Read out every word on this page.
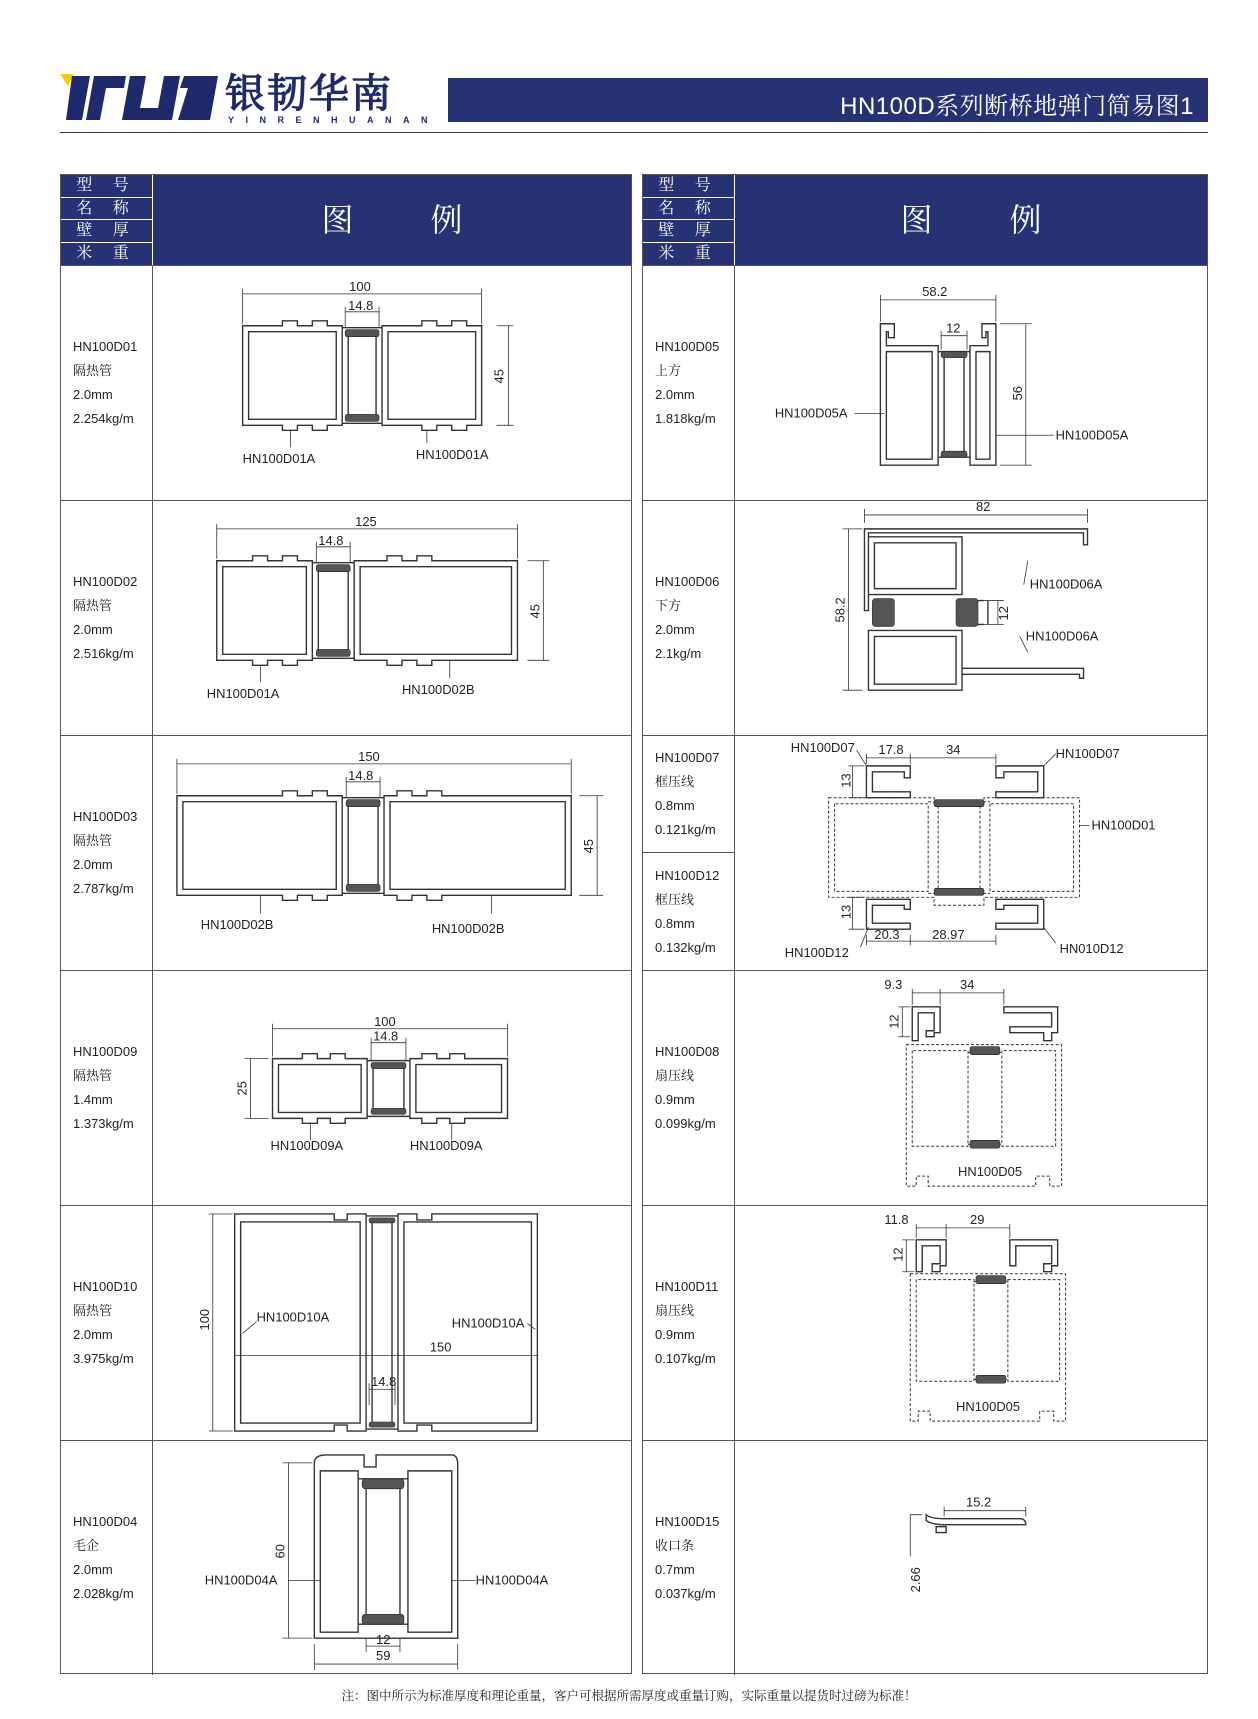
银韧华南
YINRENHUANAN	HN100D系列断桥地弹门简易图1
型 号
名 称
壁 厚
米 重
图 例
HN100D01
隔热管
2.0mm
2.254kg/m
100
14.8
45
HN100D01A	HN100D01A
HN100D02
隔热管
2.0mm
2.516kg/m
125
14.8
45
HN100D01A	HN100D02B
HN100D03
隔热管
2.0mm
2.787kg/m
150
14.8
45
HN100D02B	HN100D02B
HN100D09
隔热管
1.4mm
1.373kg/m
100
14.8
25
HN100D09A	HN100D09A
HN100D10
隔热管
2.0mm
3.975kg/m
100
150
14.8
HN100D10A	HN100D10A
HN100D04
毛企
2.0mm
2.028kg/m
60
12
59
HN100D04A	HN100D04A
型 号
名 称
壁 厚
米 重
图 例
HN100D05
上方
2.0mm
1.818kg/m
58.2
12
56
HN100D05A
HN100D05A
HN100D06
下方
2.0mm
2.1kg/m
82
58.2	12
HN100D06A
HN100D06A
HN100D07
框压线
0.8mm
0.121kg/m
HN100D12
框压线
0.8mm
0.132kg/m
17.8	34
13
13
20.3	28.97
HN100D07	HN100D07
HN100D01
HN100D12	HN010D12
HN100D08
扇压线
0.9mm
0.099kg/m
9.3	34
12
HN100D05
HN100D11
扇压线
0.9mm
0.107kg/m
11.8	29
12
HN100D05
HN100D15
收口条
0.7mm
0.037kg/m
15.2
2.66
注：图中所示为标准厚度和理论重量，客户可根据所需厚度或重量订购，实际重量以提货时过磅为标准！
